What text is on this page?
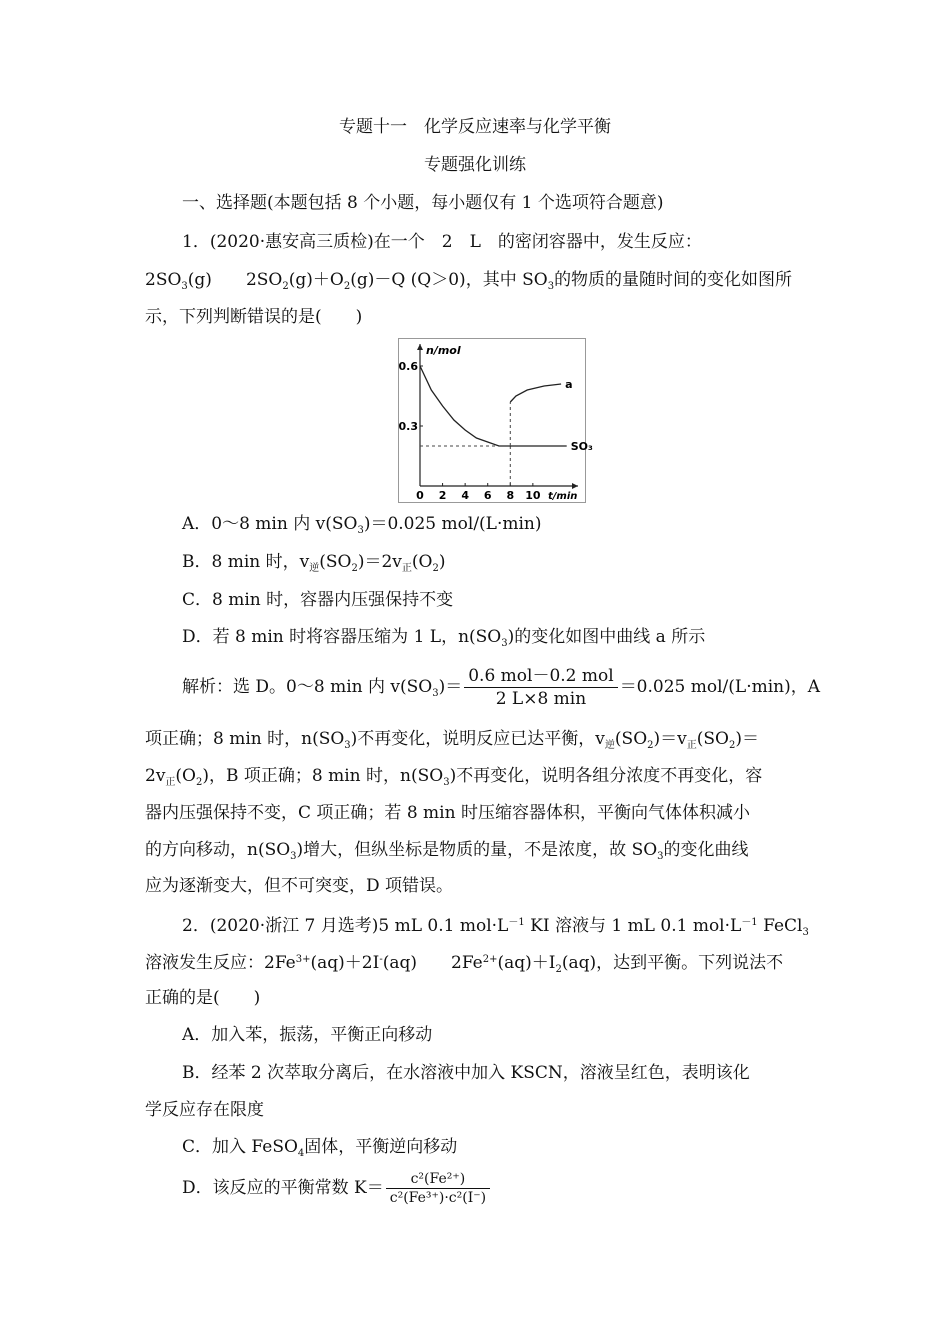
专题十一　化学反应速率与化学平衡
专题强化训练
一、选择题(本题包括 8 个小题，每小题仅有 1 个选项符合题意)
1．(2020·惠安高三质检)在一个　2　L　的密闭容器中，发生反应：
$2SO_3(g)$　　$2SO_2(g)+O_2(g)-Q$ (Q＞0)，其中 $SO_3$的物质的量随时间的变化如图所
示，下列判断错误的是(　　)
n/mol
t/min
0.6
0.3
0 2 4 6 8 10
SO₃
a
A．0～8 min 内 $v(SO_3)=0.025$ mol/(L·min)
B．8 min 时，$v_逆(SO_2)=2v_正(O_2)$
C．8 min 时，容器内压强保持不变
D．若 8 min 时将容器压缩为 1 L，$n(SO_3)$的变化如图中曲线 a 所示
解析：选 D。0～8 min 内 $v(SO_3)= \frac{\text{0.6 mol－0.2 mol}}{2 L\times 8 \min} =0.025$ mol/(L·min)，A
项正确；8 min 时，$n(SO_3)$不再变化，说明反应已达平衡，$v_逆(SO_2)=v_正(SO_2)=$
$2v_正(O_2)$，B 项正确；8 min 时，$n(SO_3)$不再变化，说明各组分浓度不再变化，容
器内压强保持不变，C 项正确；若 8 min 时压缩容器体积，平衡向气体体积减小
的方向移动，$n(SO_3)$增大，但纵坐标是物质的量，不是浓度，故 $SO_3$的变化曲线
应为逐渐变大，但不可突变，D 项错误。
2．(2020·浙江 7 月选考)5 mL 0.1 $mol\cdot L^{-1}$ KI 溶液与 1 mL 0.1 $mol\cdot L^{-1}$ FeCl$_3$
溶液发生反应：$2Fe^{3+}(aq)+2I^-(aq)$　　$2Fe^{2+}(aq)+I_2(aq)$，达到平衡。下列说法不
正确的是(　　)
A．加入苯，振荡，平衡正向移动
B．经苯 2 次萃取分离后，在水溶液中加入 KSCN，溶液呈红色，表明该化
学反应存在限度
C．加入 FeSO$_4$固体，平衡逆向移动
D．该反应的平衡常数 $K= \frac{\text{c²(Fe²⁺)}}{\text{c²(Fe³⁺)·c²(I⁻)}}$
